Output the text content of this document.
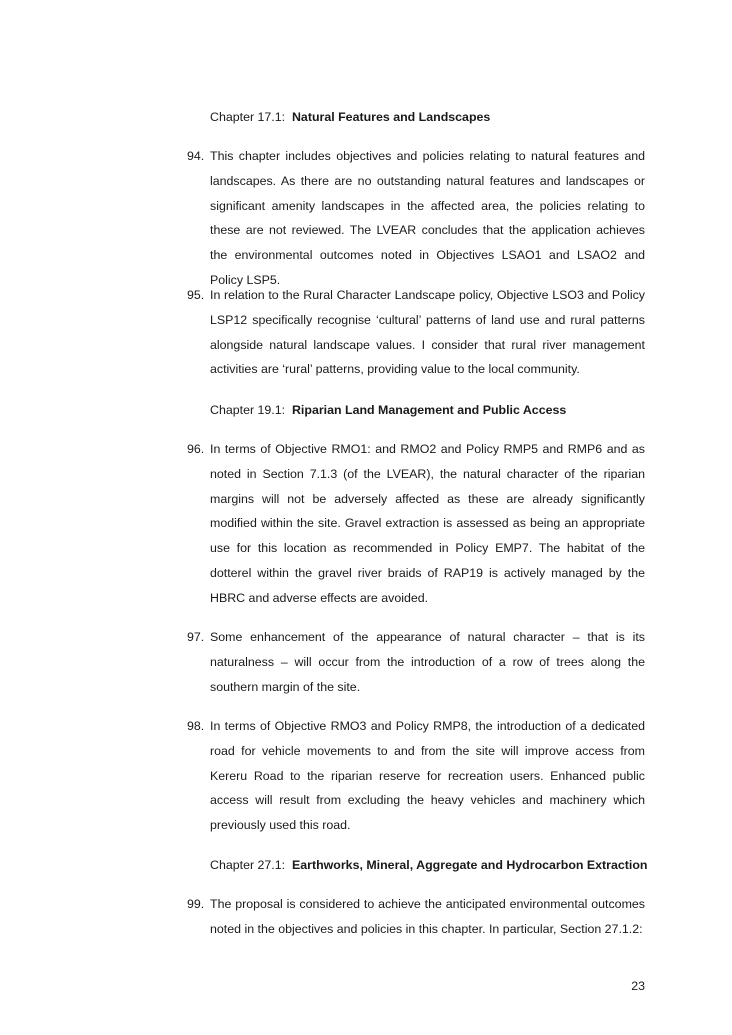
Chapter 17.1: Natural Features and Landscapes
94. This chapter includes objectives and policies relating to natural features and landscapes. As there are no outstanding natural features and landscapes or significant amenity landscapes in the affected area, the policies relating to these are not reviewed. The LVEAR concludes that the application achieves the environmental outcomes noted in Objectives LSAO1 and LSAO2 and Policy LSP5.
95. In relation to the Rural Character Landscape policy, Objective LSO3 and Policy LSP12 specifically recognise ‘cultural’ patterns of land use and rural patterns alongside natural landscape values. I consider that rural river management activities are ‘rural’ patterns, providing value to the local community.
Chapter 19.1: Riparian Land Management and Public Access
96. In terms of Objective RMO1: and RMO2 and Policy RMP5 and RMP6 and as noted in Section 7.1.3 (of the LVEAR), the natural character of the riparian margins will not be adversely affected as these are already significantly modified within the site. Gravel extraction is assessed as being an appropriate use for this location as recommended in Policy EMP7. The habitat of the dotterel within the gravel river braids of RAP19 is actively managed by the HBRC and adverse effects are avoided.
97. Some enhancement of the appearance of natural character – that is its naturalness – will occur from the introduction of a row of trees along the southern margin of the site.
98. In terms of Objective RMO3 and Policy RMP8, the introduction of a dedicated road for vehicle movements to and from the site will improve access from Kereru Road to the riparian reserve for recreation users. Enhanced public access will result from excluding the heavy vehicles and machinery which previously used this road.
Chapter 27.1: Earthworks, Mineral, Aggregate and Hydrocarbon Extraction
99. The proposal is considered to achieve the anticipated environmental outcomes noted in the objectives and policies in this chapter. In particular, Section 27.1.2:
23
